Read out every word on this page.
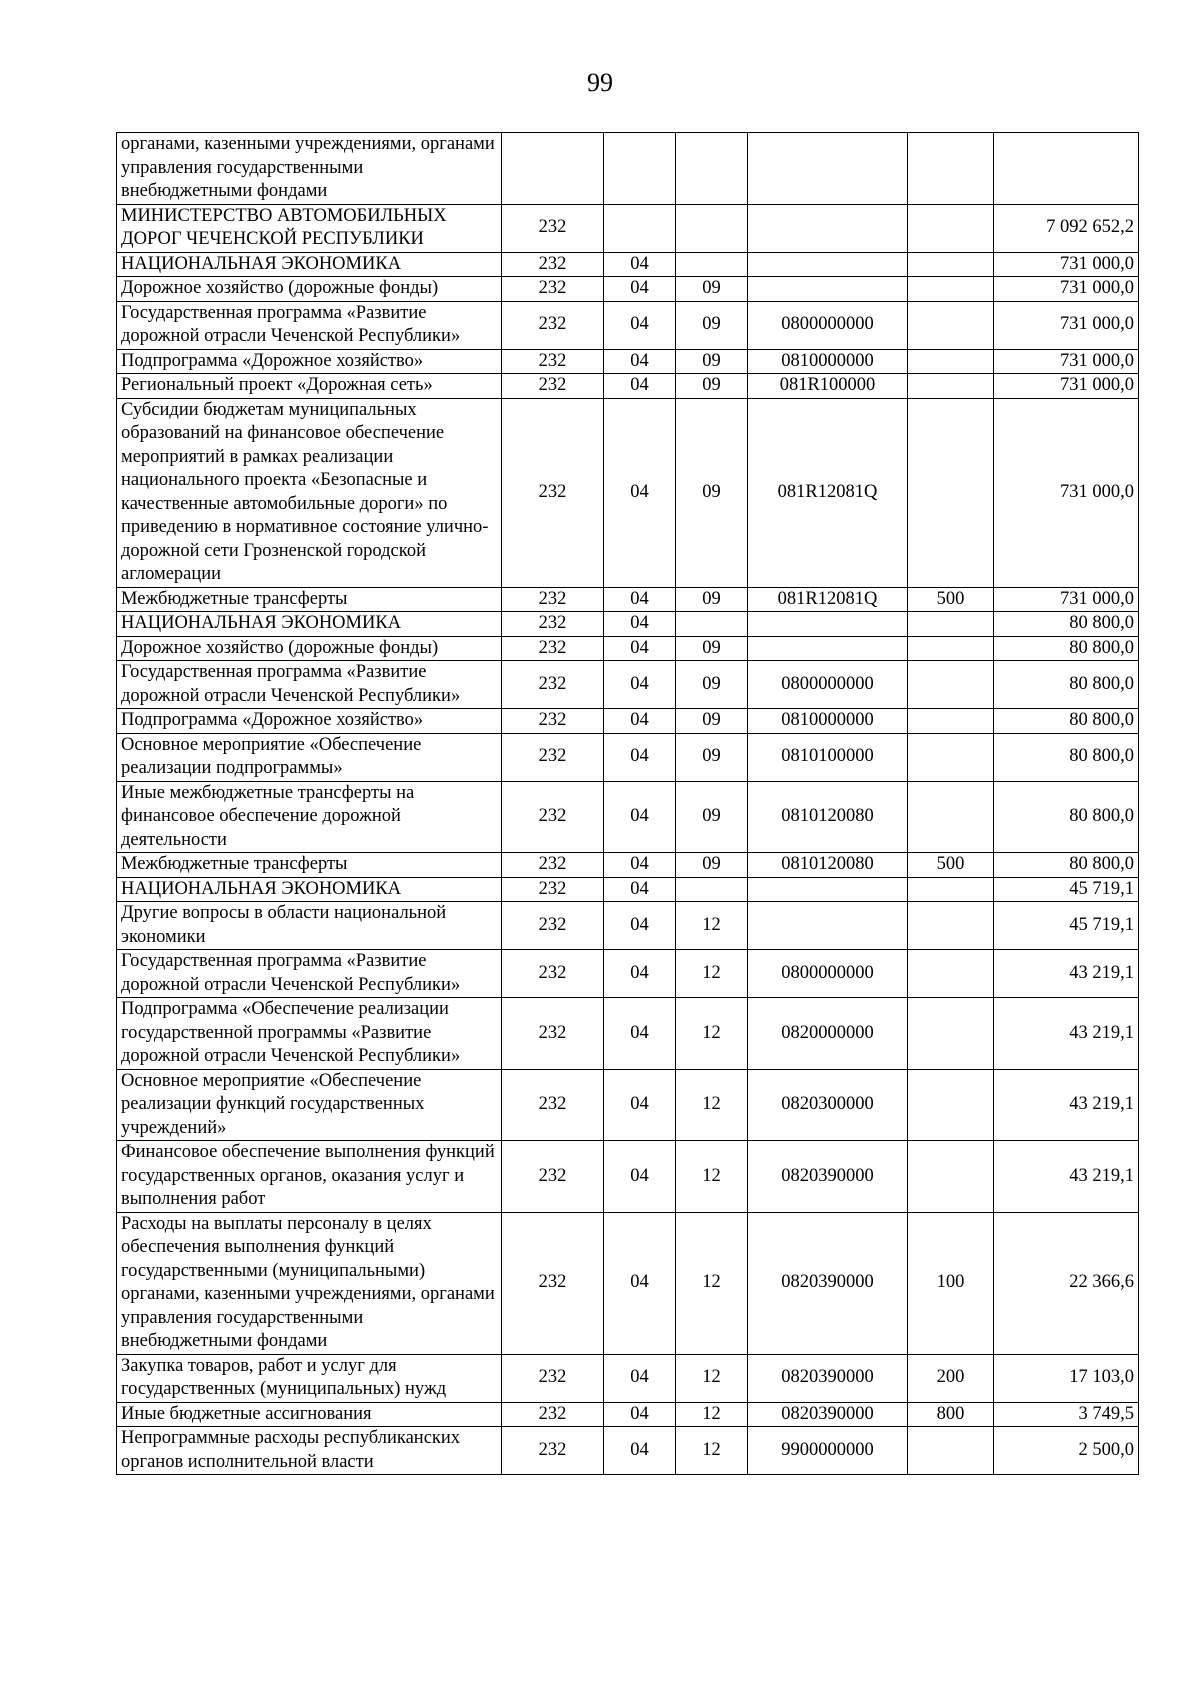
99
органами, казенными учреждениями, органами управления государственными внебюджетными фондами						
МИНИСТЕРСТВО АВТОМОБИЛЬНЫХ ДОРОГ ЧЕЧЕНСКОЙ РЕСПУБЛИКИ	232					7 092 652,2
НАЦИОНАЛЬНАЯ ЭКОНОМИКА	232	04				731 000,0
Дорожное хозяйство (дорожные фонды)	232	04	09			731 000,0
Государственная программа «Развитие дорожной отрасли Чеченской Республики»	232	04	09	0800000000		731 000,0
Подпрограмма «Дорожное хозяйство»	232	04	09	0810000000		731 000,0
Региональный проект «Дорожная сеть»	232	04	09	081R100000		731 000,0
Субсидии бюджетам муниципальных образований на финансовое обеспечение мероприятий в рамках реализации национального проекта «Безопасные и качественные автомобильные дороги» по приведению в нормативное состояние улично-дорожной сети Грозненской городской агломерации	232	04	09	081R12081Q		731 000,0
Межбюджетные трансферты	232	04	09	081R12081Q	500	731 000,0
НАЦИОНАЛЬНАЯ ЭКОНОМИКА	232	04				80 800,0
Дорожное хозяйство (дорожные фонды)	232	04	09			80 800,0
Государственная программа «Развитие дорожной отрасли Чеченской Республики»	232	04	09	0800000000		80 800,0
Подпрограмма «Дорожное хозяйство»	232	04	09	0810000000		80 800,0
Основное мероприятие «Обеспечение реализации подпрограммы»	232	04	09	0810100000		80 800,0
Иные межбюджетные трансферты на финансовое обеспечение дорожной деятельности	232	04	09	0810120080		80 800,0
Межбюджетные трансферты	232	04	09	0810120080	500	80 800,0
НАЦИОНАЛЬНАЯ ЭКОНОМИКА	232	04				45 719,1
Другие вопросы в области национальной экономики	232	04	12			45 719,1
Государственная программа «Развитие дорожной отрасли Чеченской Республики»	232	04	12	0800000000		43 219,1
Подпрограмма «Обеспечение реализации государственной программы «Развитие дорожной отрасли Чеченской Республики»	232	04	12	0820000000		43 219,1
Основное мероприятие «Обеспечение реализации функций государственных учреждений»	232	04	12	0820300000		43 219,1
Финансовое обеспечение выполнения функций государственных органов, оказания услуг и выполнения работ	232	04	12	0820390000		43 219,1
Расходы на выплаты персоналу в целях обеспечения выполнения функций государственными (муниципальными) органами, казенными учреждениями, органами управления государственными внебюджетными фондами	232	04	12	0820390000	100	22 366,6
Закупка товаров, работ и услуг для государственных (муниципальных) нужд	232	04	12	0820390000	200	17 103,0
Иные бюджетные ассигнования	232	04	12	0820390000	800	3 749,5
Непрограммные расходы республиканских органов исполнительной власти	232	04	12	9900000000		2 500,0
